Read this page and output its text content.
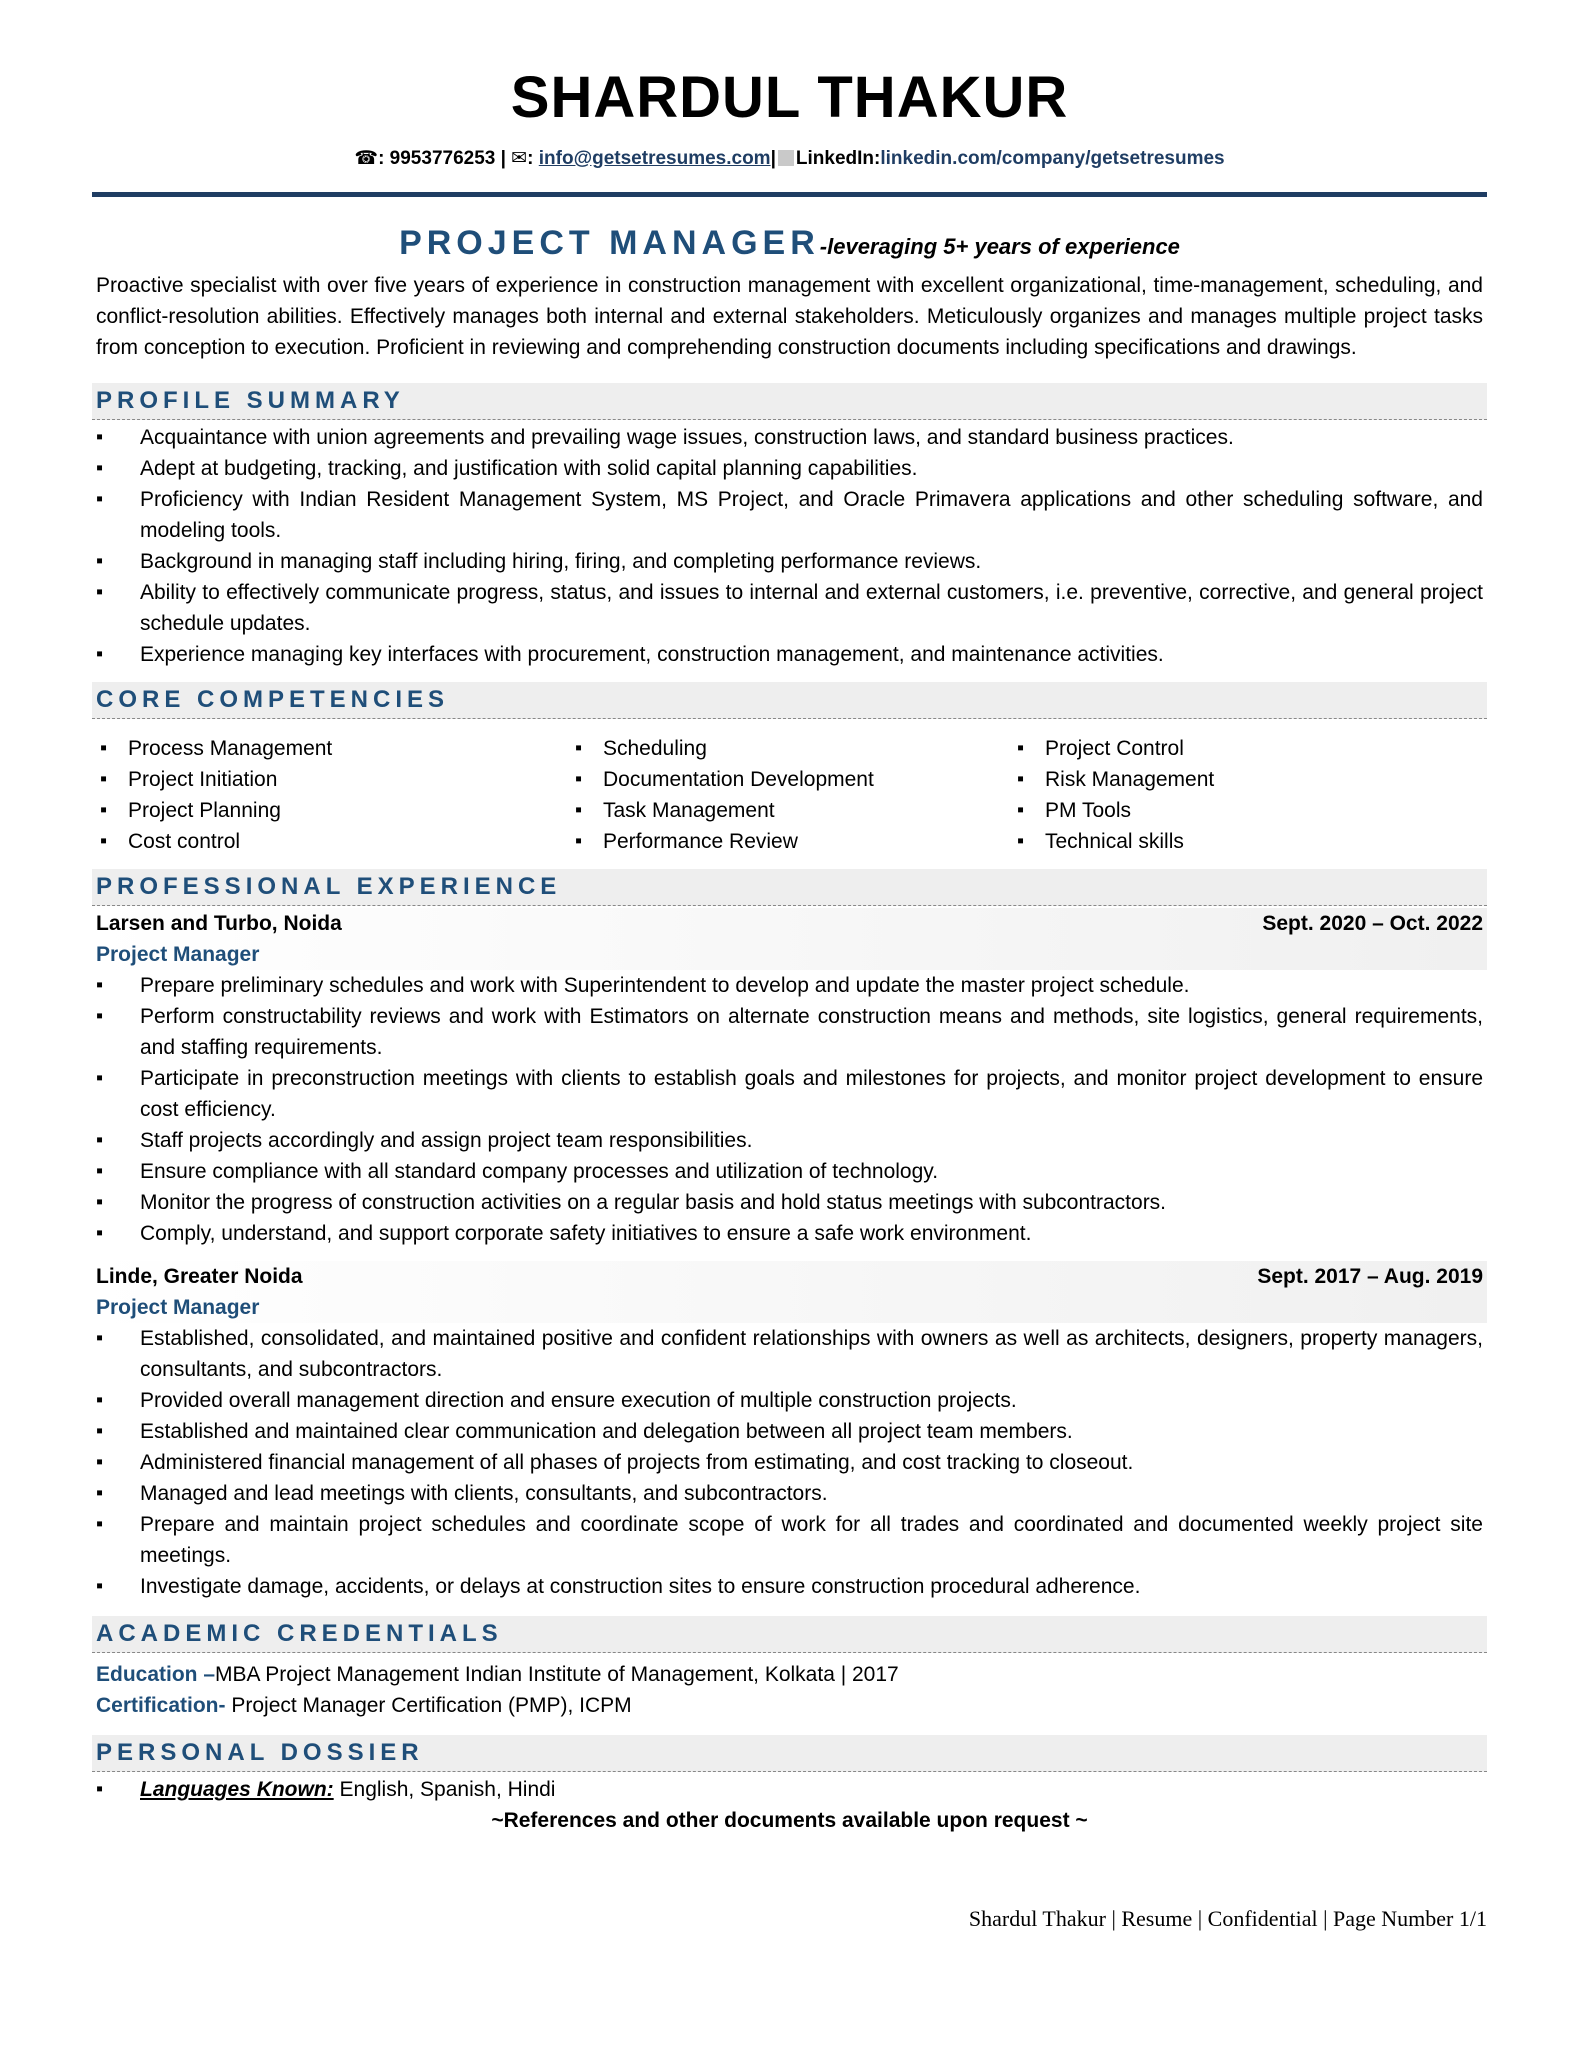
SHARDUL THAKUR
☎: 9953776253 | ✉: info@getsetresumes.com| LinkedIn:linkedin.com/company/getsetresumes
PROJECT MANAGER-leveraging 5+ years of experience
Proactive specialist with over five years of experience in construction management with excellent organizational, time-management, scheduling, and conflict-resolution abilities. Effectively manages both internal and external stakeholders. Meticulously organizes and manages multiple project tasks from conception to execution. Proficient in reviewing and comprehending construction documents including specifications and drawings.
PROFILE SUMMARY
▪ Acquaintance with union agreements and prevailing wage issues, construction laws, and standard business practices.
▪ Adept at budgeting, tracking, and justification with solid capital planning capabilities.
▪ Proficiency with Indian Resident Management System, MS Project, and Oracle Primavera applications and other scheduling software, and modeling tools.
▪ Background in managing staff including hiring, firing, and completing performance reviews.
▪ Ability to effectively communicate progress, status, and issues to internal and external customers, i.e. preventive, corrective, and general project schedule updates.
▪ Experience managing key interfaces with procurement, construction management, and maintenance activities.
CORE COMPETENCIES
▪ Process Management
▪ Project Initiation
▪ Project Planning
▪ Cost control
▪ Scheduling
▪ Documentation Development
▪ Task Management
▪ Performance Review
▪ Project Control
▪ Risk Management
▪ PM Tools
▪ Technical skills
PROFESSIONAL EXPERIENCE
Larsen and Turbo, Noida	Sept. 2020 – Oct. 2022
Project Manager
▪ Prepare preliminary schedules and work with Superintendent to develop and update the master project schedule.
▪ Perform constructability reviews and work with Estimators on alternate construction means and methods, site logistics, general requirements, and staffing requirements.
▪ Participate in preconstruction meetings with clients to establish goals and milestones for projects, and monitor project development to ensure cost efficiency.
▪ Staff projects accordingly and assign project team responsibilities.
▪ Ensure compliance with all standard company processes and utilization of technology.
▪ Monitor the progress of construction activities on a regular basis and hold status meetings with subcontractors.
▪ Comply, understand, and support corporate safety initiatives to ensure a safe work environment.
Linde, Greater Noida	Sept. 2017 – Aug. 2019
Project Manager
▪ Established, consolidated, and maintained positive and confident relationships with owners as well as architects, designers, property managers, consultants, and subcontractors.
▪ Provided overall management direction and ensure execution of multiple construction projects.
▪ Established and maintained clear communication and delegation between all project team members.
▪ Administered financial management of all phases of projects from estimating, and cost tracking to closeout.
▪ Managed and lead meetings with clients, consultants, and subcontractors.
▪ Prepare and maintain project schedules and coordinate scope of work for all trades and coordinated and documented weekly project site meetings.
▪ Investigate damage, accidents, or delays at construction sites to ensure construction procedural adherence.
ACADEMIC CREDENTIALS
Education –MBA Project Management Indian Institute of Management, Kolkata | 2017
Certification- Project Manager Certification (PMP), ICPM
PERSONAL DOSSIER
▪ Languages Known: English, Spanish, Hindi
~References and other documents available upon request ~
Shardul Thakur | Resume | Confidential | Page Number 1/1
